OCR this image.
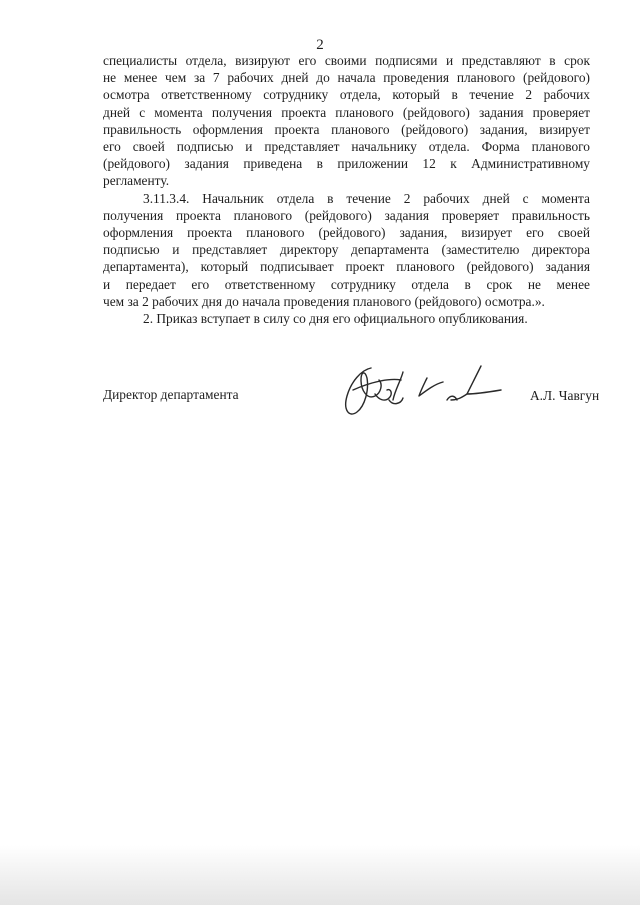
2

специалисты отдела, визируют его своими подписями и представляют в срок
не менее чем за 7 рабочих дней до начала проведения планового (рейдового)
осмотра ответственному сотруднику отдела, который в течение 2 рабочих
дней с момента получения проекта планового (рейдового) задания проверяет
правильность оформления проекта планового (рейдового) задания, визирует
его своей подписью и представляет начальнику отдела. Форма планового
(рейдового) задания приведена в приложении 12 к Административному
регламенту.

3.11.3.4. Начальник отдела в течение 2 рабочих дней с момента
получения проекта планового (рейдового) задания проверяет правильность
оформления проекта планового (рейдового) задания, визирует его своей
подписью и представляет директору департамента (заместителю директора
департамента), который подписывает проект планового (рейдового) задания
и передает его ответственному сотруднику отдела в срок не менее
чем за 2 рабочих дня до начала проведения планового (рейдового) осмотра.».

2. Приказ вступает в силу со дня его официального опубликования.

Директор департамента	А.Л. Чавгун
